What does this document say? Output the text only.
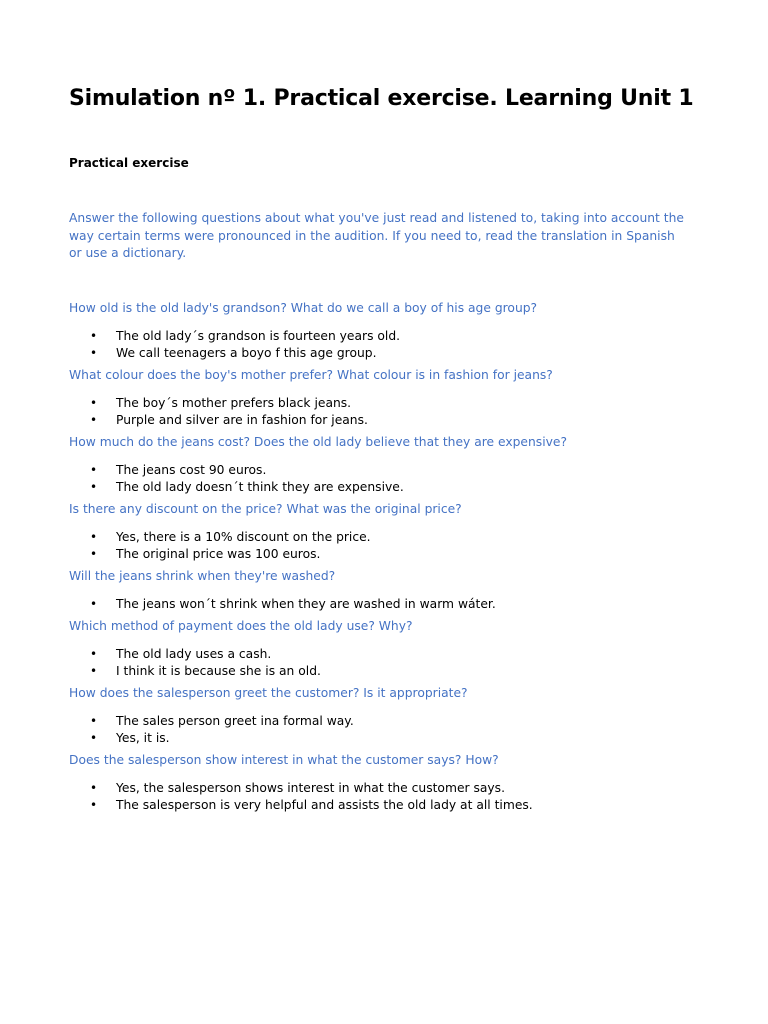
Simulation nº 1. Practical exercise. Learning Unit 1

Practical exercise

Answer the following questions about what you've just read and listened to, taking into account the way certain terms were pronounced in the audition. If you need to, read the translation in Spanish or use a dictionary.

How old is the old lady's grandson? What do we call a boy of his age group?

• The old lady´s grandson is fourteen years old.
• We call teenagers a boyo f this age group.

What colour does the boy's mother prefer? What colour is in fashion for jeans?

• The boy´s mother prefers black jeans.
• Purple and silver are in fashion for jeans.

How much do the jeans cost? Does the old lady believe that they are expensive?

• The jeans cost 90 euros.
• The old lady doesn´t think they are expensive.

Is there any discount on the price? What was the original price?

• Yes, there is a 10% discount on the price.
• The original price was 100 euros.

Will the jeans shrink when they're washed?

• The jeans won´t shrink when they are washed in warm wáter.

Which method of payment does the old lady use? Why?

• The old lady uses a cash.
• I think it is because she is an old.

How does the salesperson greet the customer? Is it appropriate?

• The sales person greet ina formal way.
• Yes, it is.

Does the salesperson show interest in what the customer says? How?

• Yes, the salesperson shows interest in what the customer says.
• The salesperson is very helpful and assists the old lady at all times.
